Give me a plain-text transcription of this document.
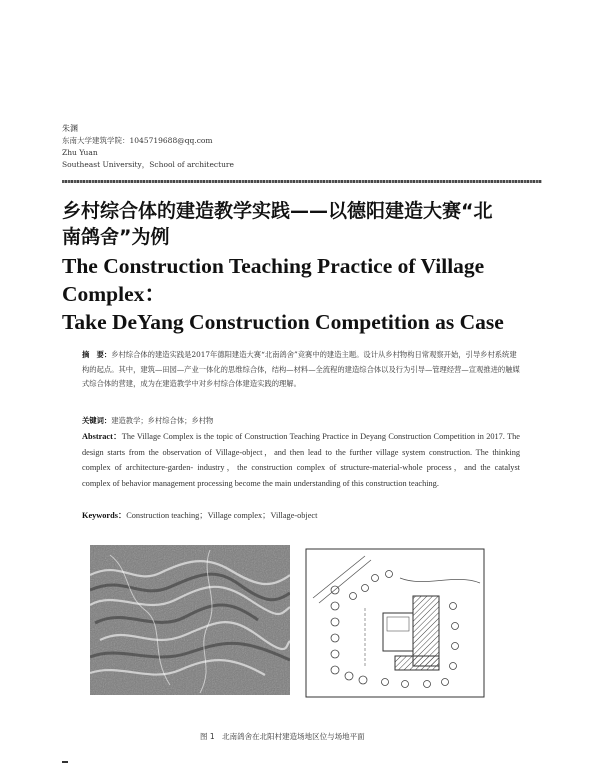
朱渊
东南大学建筑学院：1045719688@qq.com
Zhu Yuan
Southeast University，School of architecture
乡村综合体的建造教学实践——以德阳建造大赛“北
南鸽舍”为例
The Construction Teaching Practice of Village Complex：
Take DeYang Construction Competition as Case

摘　要：乡村综合体的建造实践是2017年德阳建造大赛“北南鸽舍”竞赛中的建造主题。设计从乡村物构日常观察开始，引导乡村系统建构的起点。其中，建筑—田园—产业一体化的思维综合体，结构—材料—全流程的建造综合体以及行为引导—管理经营—宣观推进的触媒式综合体的营建，成为在建造教学中对乡村综合体建造实践的理解。

关键词：建造教学；乡村综合体；乡村物

Abstract：The Village Complex is the topic of Construction Teaching Practice in Deyang Construction Competition in 2017. The design starts from the observation of Village-object，and then lead to the further village system construction. The thinking complex of architecture-garden- industry，the construction complex of structure-material-whole process，and the catalyst complex of behavior management processing become the main understanding of this construction teaching.

Keywords：Construction teaching；Village complex；Village-object

图 1　北南鸽舍在北阳村建造场地区位与场地平面
